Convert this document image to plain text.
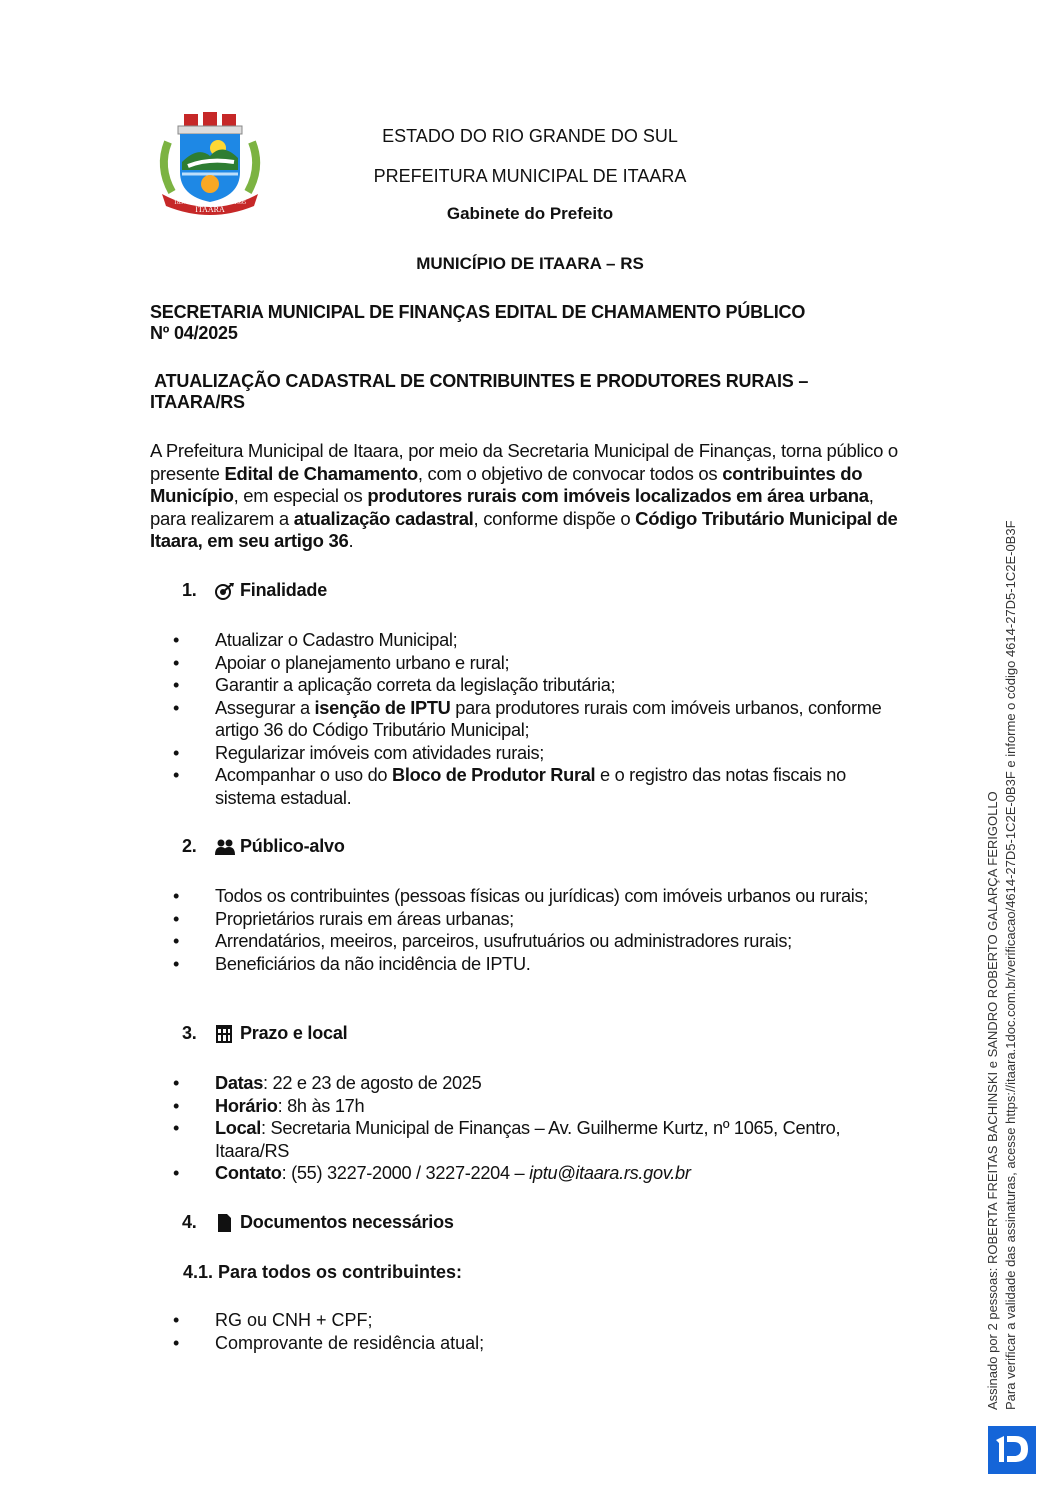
ITAARA
1857	1995
ESTADO DO RIO GRANDE DO SUL
PREFEITURA MUNICIPAL DE ITAARA
Gabinete do Prefeito
MUNICÍPIO DE ITAARA – RS
SECRETARIA MUNICIPAL DE FINANÇAS EDITAL DE CHAMAMENTO PÚBLICO
Nº 04/2025
ATUALIZAÇÃO CADASTRAL DE CONTRIBUINTES E PRODUTORES RURAIS –
ITAARA/RS
A Prefeitura Municipal de Itaara, por meio da Secretaria Municipal de Finanças, torna público o presente Edital de Chamamento, com o objetivo de convocar todos os contribuintes do Município, em especial os produtores rurais com imóveis localizados em área urbana, para realizarem a atualização cadastral, conforme dispõe o Código Tributário Municipal de Itaara, em seu artigo 36.
1.	Finalidade
• Atualizar o Cadastro Municipal;
• Apoiar o planejamento urbano e rural;
• Garantir a aplicação correta da legislação tributária;
• Assegurar a isenção de IPTU para produtores rurais com imóveis urbanos, conforme artigo 36 do Código Tributário Municipal;
• Regularizar imóveis com atividades rurais;
• Acompanhar o uso do Bloco de Produtor Rural e o registro das notas fiscais no sistema estadual.
2.	Público-alvo
• Todos os contribuintes (pessoas físicas ou jurídicas) com imóveis urbanos ou rurais;
• Proprietários rurais em áreas urbanas;
• Arrendatários, meeiros, parceiros, usufrutuários ou administradores rurais;
• Beneficiários da não incidência de IPTU.
3.	Prazo e local
• Datas: 22 e 23 de agosto de 2025
• Horário: 8h às 17h
• Local: Secretaria Municipal de Finanças – Av. Guilherme Kurtz, nº 1065, Centro, Itaara/RS
• Contato: (55) 3227-2000 / 3227-2204 – iptu@itaara.rs.gov.br
4.	Documentos necessários
4.1. Para todos os contribuintes:
• RG ou CNH + CPF;
• Comprovante de residência atual;	Assinado por 2 pessoas: ROBERTA FREITAS BACHINSKI e SANDRO ROBERTO GALARÇA FERIGOLLO Para verificar a validade das assinaturas, acesse https://itaara.1doc.com.br/verificacao/4614-27D5-1C2E-0B3F e informe o código 4614-27D5-1C2E-0B3F
